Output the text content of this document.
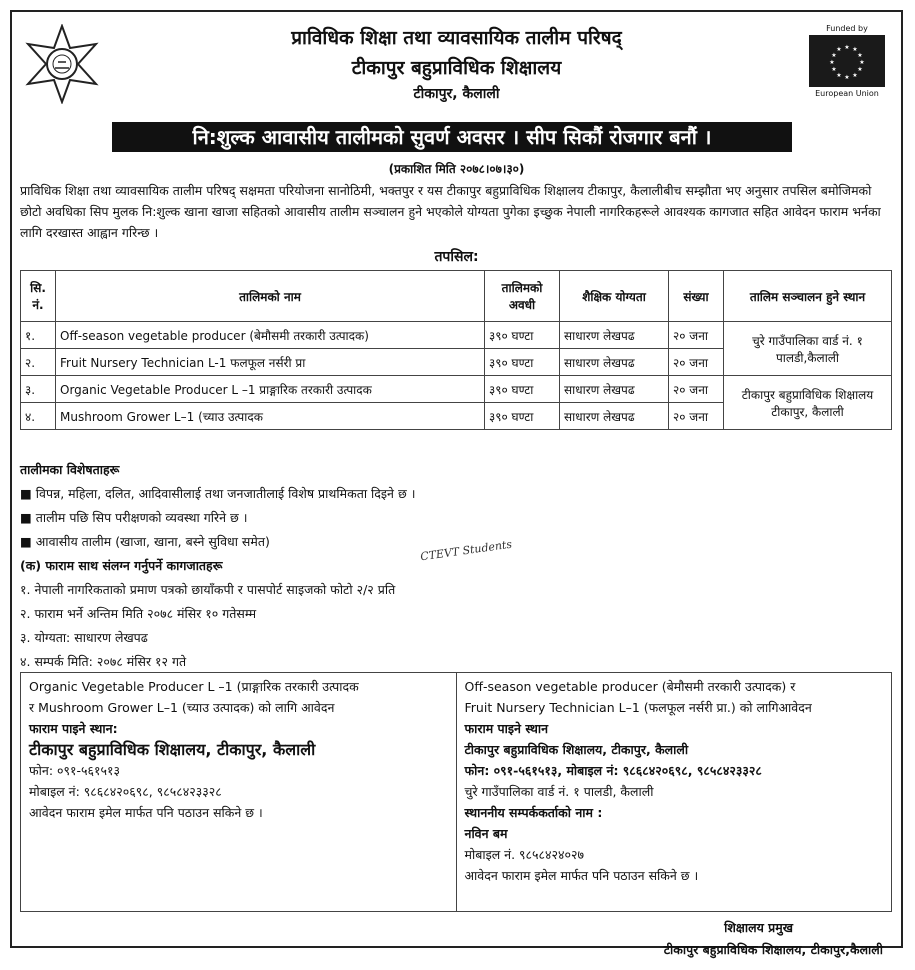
Funded by
★ ★
★
★
★
★
★
★
★
★
★
★
European Union
प्राविधिक शिक्षा तथा व्यावसायिक तालीम परिषद्
टीकापुर बहुप्राविधिक शिक्षालय
टीकापुर, कैलाली
नि:शुल्क आवासीय तालीमको सुवर्ण अवसर । सीप सिकौं रोजगार बनौं ।
(प्रकाशित मिति २०७८।०७।३०)
प्राविधिक शिक्षा तथा व्यावसायिक तालीम परिषद् सक्षमता परियोजना सानोठिमी, भक्तपुर र यस टीकापुर बहुप्राविधिक शिक्षालय टीकापुर, कैलालीबीच सम्झौता भए अनुसार तपसिल बमोजिमको छोटो अवधिका सिप मुलक नि:शुल्क खाना खाजा सहितको आवासीय तालीम सञ्चालन हुने भएकोले योग्यता पुगेका इच्छुक नेपाली नागरिकहरूले आवश्यक कागजात सहित आवेदन फाराम भर्नका लागि दरखास्त आह्वान गरिन्छ ।
तपसिल:
सि. नं.	तालिमको नाम	तालिमको अवधी	शैक्षिक योग्यता	संख्या	तालिम सञ्चालन हुने स्थान
१.	Off-season vegetable producer (बेमौसमी तरकारी उत्पादक)	३९० घण्टा	साधारण लेखपढ	२० जना	चुरे गाउँपालिका वार्ड नं. १ पालडी,कैलाली
२.	Fruit Nursery Technician L-1 फलफूल नर्सरी प्रा	३९० घण्टा	साधारण लेखपढ	२० जना	
३.	Organic Vegetable Producer L –1 प्राङ्गारिक तरकारी उत्पादक	३९० घण्टा	साधारण लेखपढ	२० जना	टीकापुर बहुप्राविधिक शिक्षालय टीकापुर, कैलाली
४.	Mushroom Grower L–1 (च्याउ उत्पादक	३९० घण्टा	साधारण लेखपढ	२० जना	
तालीमका विशेषताहरू
■ विपन्न, महिला, दलित, आदिवासीलाई तथा जनजातीलाई विशेष प्राथमिकता दिइने छ ।
■ तालीम पछि सिप परीक्षणको व्यवस्था गरिने छ ।
■ आवासीय तालीम (खाजा, खाना, बस्ने सुविधा समेत)
(क) फाराम साथ संलग्न गर्नुपर्ने कागजातहरू
१. नेपाली नागरिकताको प्रमाण पत्रको छायाँकपी र पासपोर्ट साइजको फोटो २/२ प्रति
२. फाराम भर्ने अन्तिम मिति २०७८ मंसिर १० गतेसम्म
३. योग्यता: साधारण लेखपढ
४. सम्पर्क मिति: २०७८ मंसिर १२ गते
CTEVT Students
Organic Vegetable Producer L –1 (प्राङ्गारिक तरकारी उत्पादक
र Mushroom Grower L–1 (च्याउ उत्पादक) को लागि आवेदन
फाराम पाइने स्थान:
टीकापुर बहुप्राविधिक शिक्षालय, टीकापुर, कैलाली
फोन: ०९१-५६१५१३
मोबाइल नं: ९८६८४२०६९८, ९८५८४२३३२८
आवेदन फाराम इमेल मार्फत पनि पठाउन सकिने छ ।
Off-season vegetable producer (बेमौसमी तरकारी उत्पादक) र
Fruit Nursery Technician L–1 (फलफूल नर्सरी प्रा.) को लागिआवेदन
फाराम पाइने स्थान
टीकापुर बहुप्राविधिक शिक्षालय, टीकापुर, कैलाली
फोन: ०९१-५६१५१३, मोबाइल नं: ९८६८४२०६९८, ९८५८४२३३२८
चुरे गाउँपालिका वार्ड नं. १ पालडी, कैलाली
स्थाननीय सम्पर्ककर्ताको नाम :
नविन बम
मोबाइल नं. ९८५८४२४०२७
आवेदन फाराम इमेल मार्फत पनि पठाउन सकिने छ ।
शिक्षालय प्रमुख
टीकापुर बहुप्राविधिक शिक्षालय, टीकापुर,कैलाली
